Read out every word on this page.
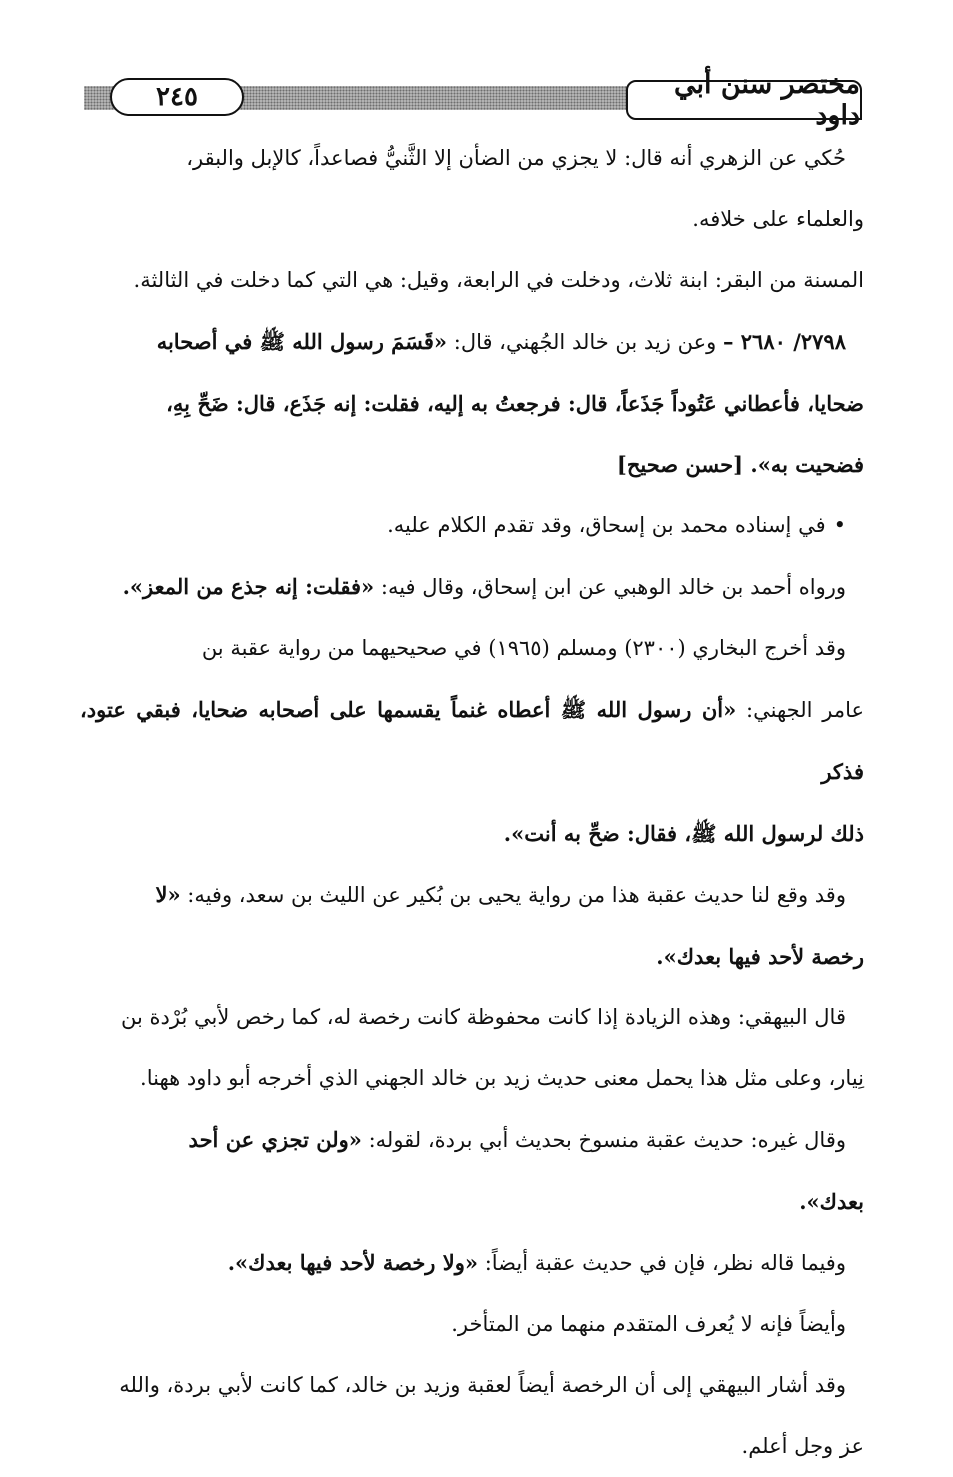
٢٤٥	مختصر سنن أبي داود

حُكي عن الزهري أنه قال: لا يجزي من الضأن إلا الثَّنيُّ فصاعداً، كالإبل والبقر،

والعلماء على خلافه.

المسنة من البقر: ابنة ثلاث، ودخلت في الرابعة، وقيل: هي التي كما دخلت في الثالثة.

٢٧٩٨/ ٢٦٨٠ – وعن زيد بن خالد الجُهني، قال: «قَسَمَ رسول الله ﷺ في أصحابه

ضحايا، فأعطاني عَتُوداً جَذَعاً، قال: فرجعتُ به إليه، فقلت: إنه جَذَع، قال: ضَحِّ بِهِ،

فضحيت به». [حسن صحيح]

•في إسناده محمد بن إسحاق، وقد تقدم الكلام عليه.

ورواه أحمد بن خالد الوهبي عن ابن إسحاق، وقال فيه: «فقلت: إنه جذع من المعز».

وقد أخرج البخاري (٢٣٠٠) ومسلم (١٩٦٥) في صحيحيهما من رواية عقبة بن

عامر الجهني: «أن رسول الله ﷺ أعطاه غنماً يقسمها على أصحابه ضحايا، فبقي عتود، فذكر

ذلك لرسول الله ﷺ، فقال: ضحِّ به أنت».

وقد وقع لنا حديث عقبة هذا من رواية يحيى بن بُكير عن الليث بن سعد، وفيه: «لا

رخصة لأحد فيها بعدك».

قال البيهقي: وهذه الزيادة إذا كانت محفوظة كانت رخصة له، كما رخص لأبي بُرْدة بن

نِيار، وعلى مثل هذا يحمل معنى حديث زيد بن خالد الجهني الذي أخرجه أبو داود ههنا.

وقال غيره: حديث عقبة منسوخ بحديث أبي بردة، لقوله: «ولن تجزي عن أحد

بعدك».

وفيما قاله نظر، فإن في حديث عقبة أيضاً: «ولا رخصة لأحد فيها بعدك».

وأيضاً فإنه لا يُعرف المتقدم منهما من المتأخر.

وقد أشار البيهقي إلى أن الرخصة أيضاً لعقبة وزيد بن خالد، كما كانت لأبي بردة، والله

عز وجل أعلم.
